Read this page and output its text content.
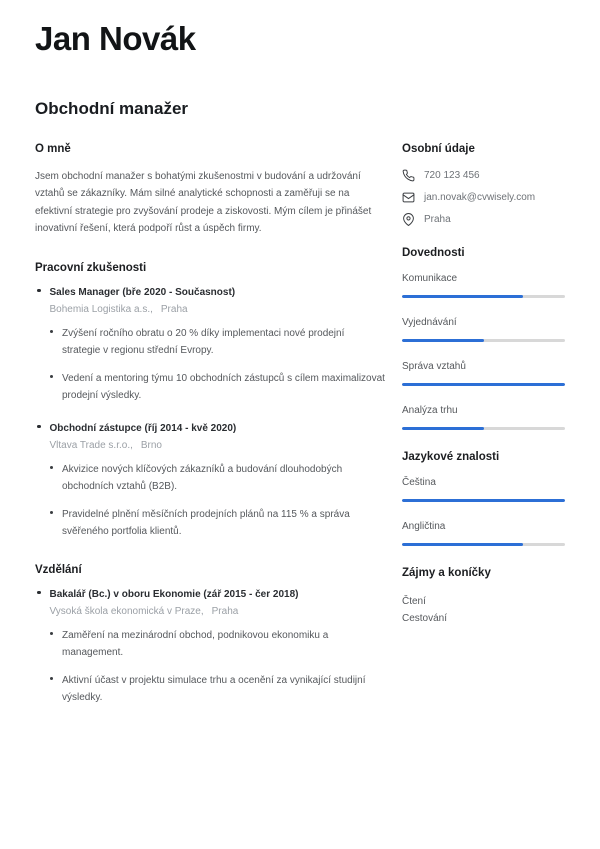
Jan Novák
Obchodní manažer
O mně
Jsem obchodní manažer s bohatými zkušenostmi v budování a udržování vztahů se zákazníky. Mám silné analytické schopnosti a zaměřuji se na efektivní strategie pro zvyšování prodeje a ziskovosti. Mým cílem je přinášet inovativní řešení, která podpoří růst a úspěch firmy.
Pracovní zkušenosti
Sales Manager (bře 2020 - Současnost)
Bohemia Logistika a.s., Praha
Zvýšení ročního obratu o 20 % díky implementaci nové prodejní strategie v regionu střední Evropy.
Vedení a mentoring týmu 10 obchodních zástupců s cílem maximalizovat prodejní výsledky.
Obchodní zástupce (říj 2014 - kvě 2020)
Vltava Trade s.r.o., Brno
Akvizice nových klíčových zákazníků a budování dlouhodobých obchodních vztahů (B2B).
Pravidelné plnění měsíčních prodejních plánů na 115 % a správa svěřeného portfolia klientů.
Vzdělání
Bakalář (Bc.) v oboru Ekonomie (zář 2015 - čer 2018)
Vysoká škola ekonomická v Praze, Praha
Zaměření na mezinárodní obchod, podnikovou ekonomiku a management.
Aktivní účast v projektu simulace trhu a ocenění za vynikající studijní výsledky.
Osobní údaje
720 123 456
jan.novak@cvwisely.com
Praha
Dovednosti
Komunikace
Vyjednávání
Správa vztahů
Analýza trhu
Jazykové znalosti
Čeština
Angličtina
Zájmy a koníčky
Čtení
Cestování
